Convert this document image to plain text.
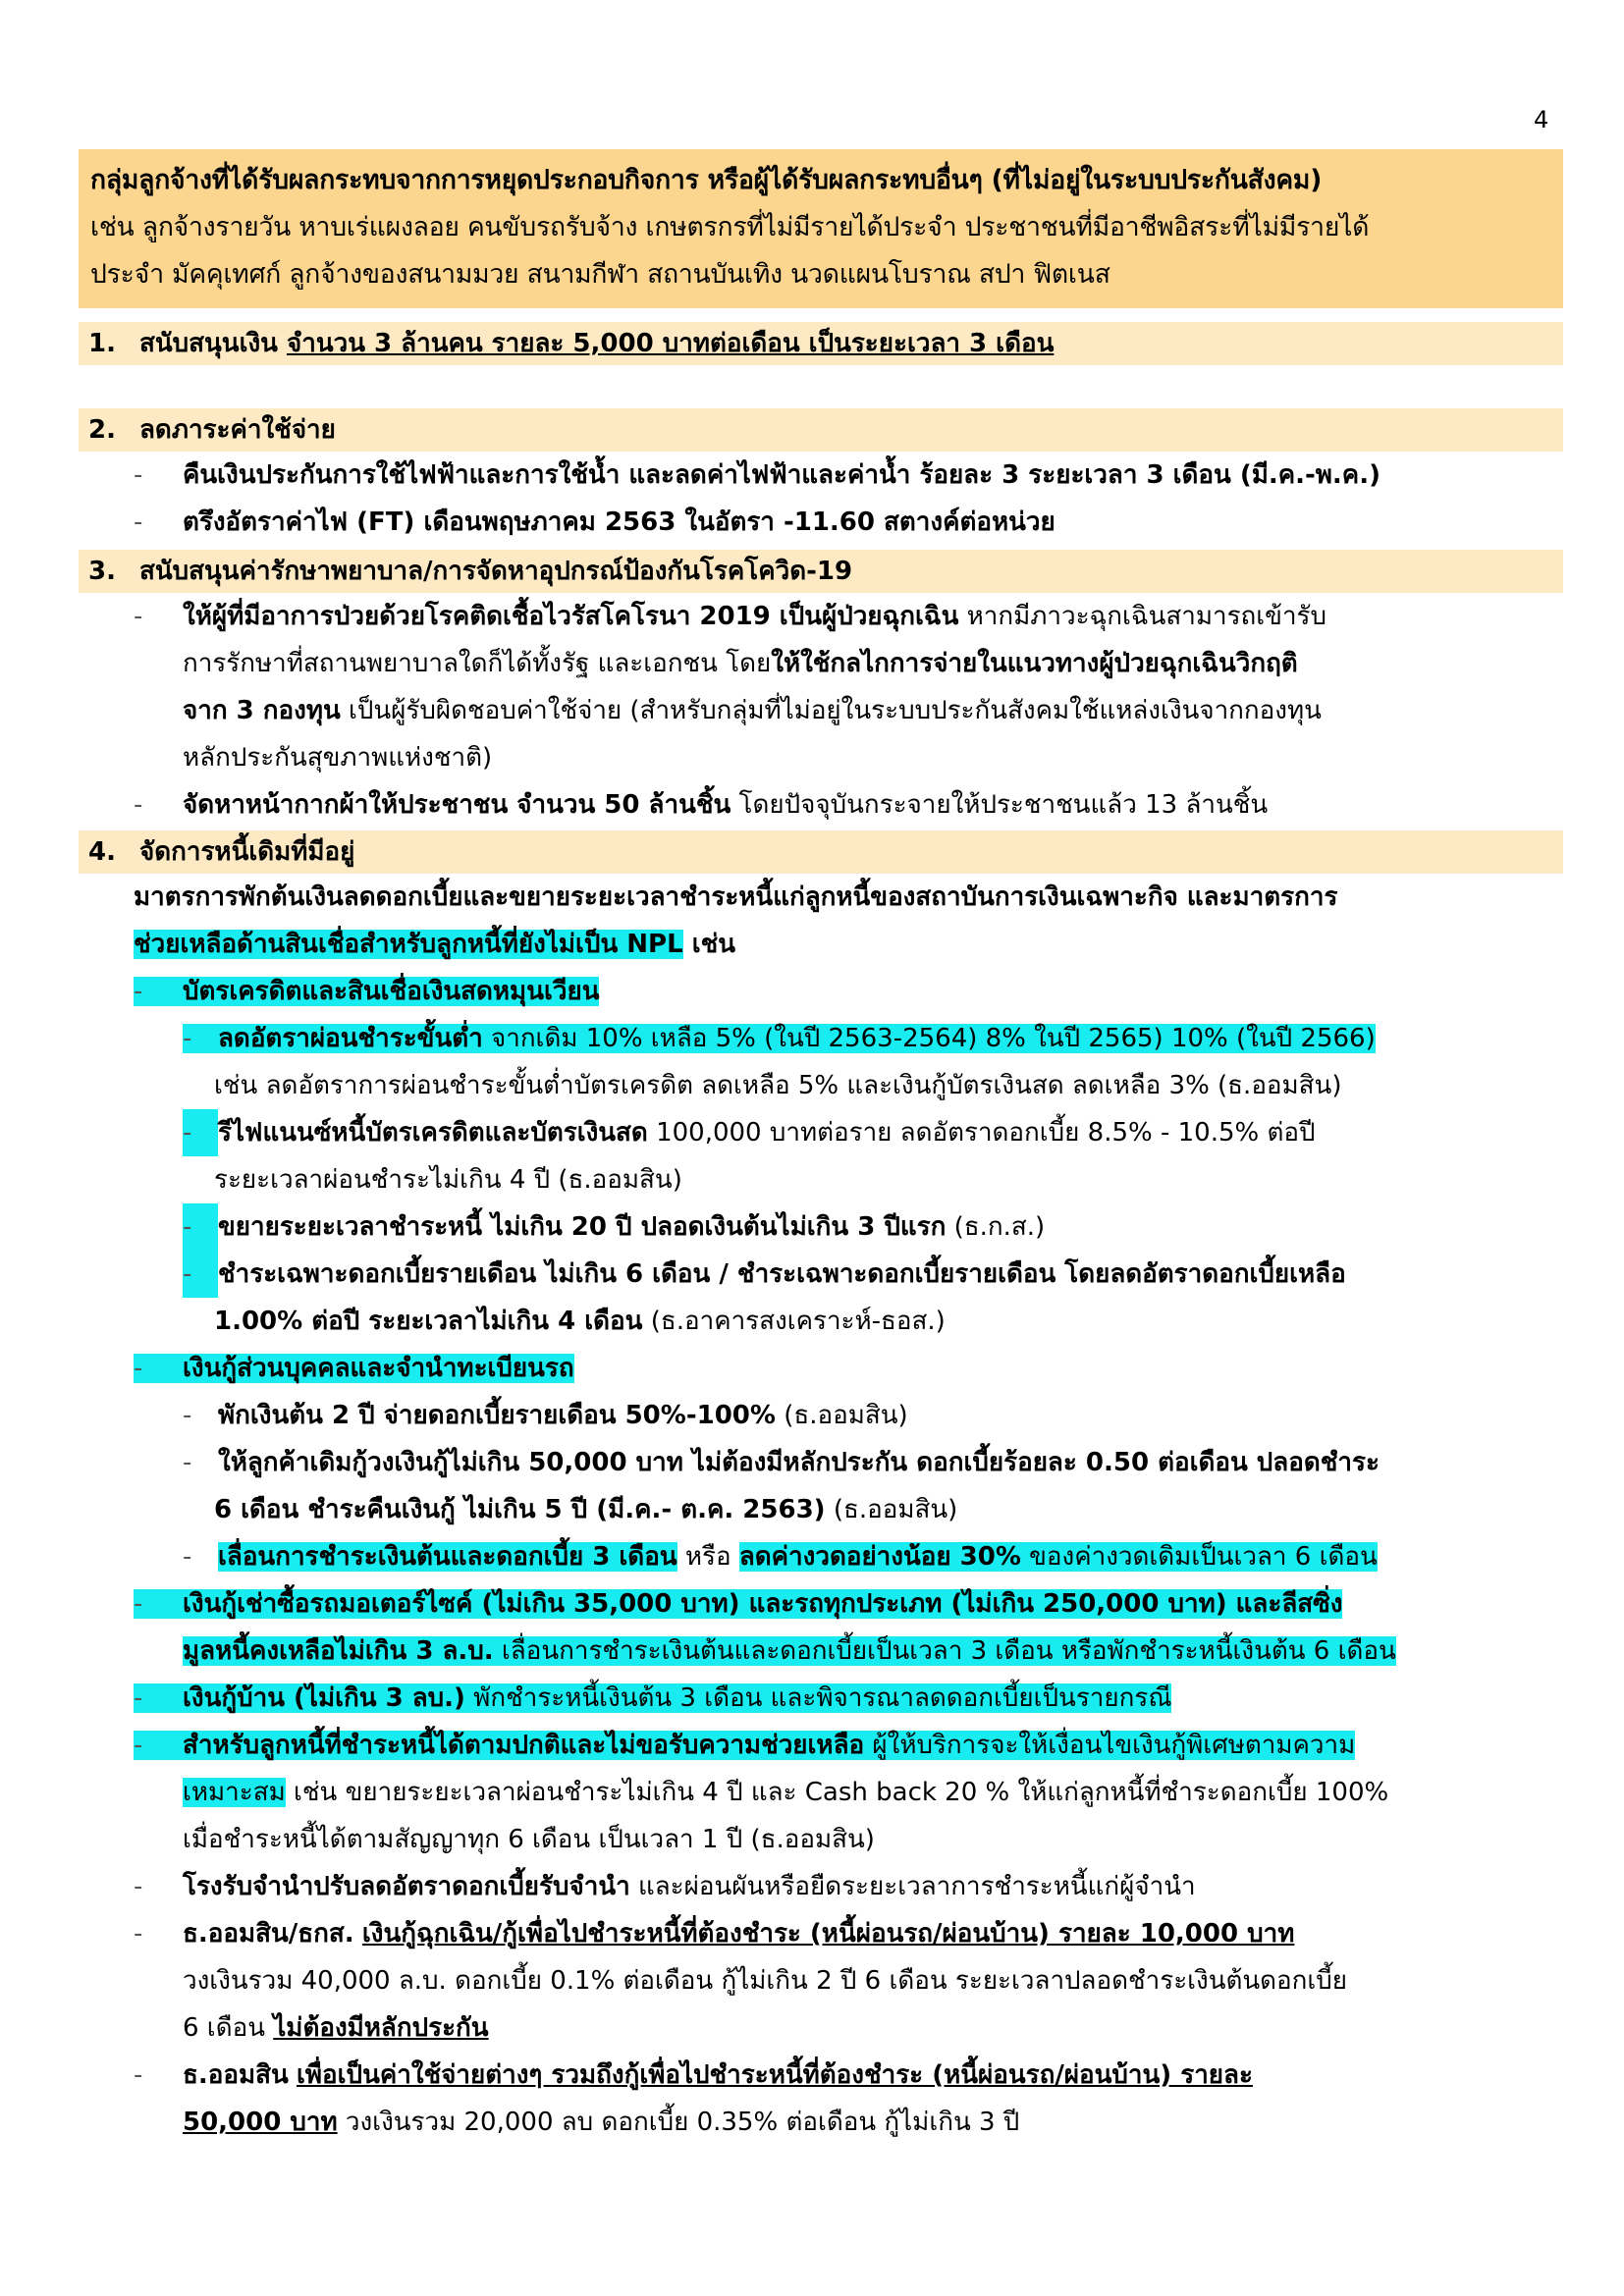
4
กลุ่มลูกจ้างที่ได้รับผลกระทบจากการหยุดประกอบกิจการ หรือผู้ได้รับผลกระทบอื่นๆ (ที่ไม่อยู่ในระบบประกันสังคม)
เช่น ลูกจ้างรายวัน หาบเร่แผงลอย คนขับรถรับจ้าง เกษตรกรที่ไม่มีรายได้ประจำ ประชาชนที่มีอาชีพอิสระที่ไม่มีรายได้
ประจำ มัคคุเทศก์ ลูกจ้างของสนามมวย สนามกีฬา สถานบันเทิง นวดแผนโบราณ สปา ฟิตเนส
1. สนับสนุนเงิน จำนวน 3 ล้านคน รายละ 5,000 บาทต่อเดือน เป็นระยะเวลา 3 เดือน
2. ลดภาระค่าใช้จ่าย
- คืนเงินประกันการใช้ไฟฟ้าและการใช้น้ำ และลดค่าไฟฟ้าและค่าน้ำ ร้อยละ 3 ระยะเวลา 3 เดือน (มี.ค.-พ.ค.)
- ตรึงอัตราค่าไฟ (FT) เดือนพฤษภาคม 2563 ในอัตรา -11.60 สตางค์ต่อหน่วย
3. สนับสนุนค่ารักษาพยาบาล/การจัดหาอุปกรณ์ป้องกันโรคโควิด-19
- ให้ผู้ที่มีอาการป่วยด้วยโรคติดเชื้อไวรัสโคโรนา 2019 เป็นผู้ป่วยฉุกเฉิน หากมีภาวะฉุกเฉินสามารถเข้ารับ
การรักษาที่สถานพยาบาลใดก็ได้ทั้งรัฐ และเอกชน โดยให้ใช้กลไกการจ่ายในแนวทางผู้ป่วยฉุกเฉินวิกฤติ
จาก 3 กองทุน เป็นผู้รับผิดชอบค่าใช้จ่าย (สำหรับกลุ่มที่ไม่อยู่ในระบบประกันสังคมใช้แหล่งเงินจากกองทุน
หลักประกันสุขภาพแห่งชาติ)
- จัดหาหน้ากากผ้าให้ประชาชน จำนวน 50 ล้านชิ้น โดยปัจจุบันกระจายให้ประชาชนแล้ว 13 ล้านชิ้น
4. จัดการหนี้เดิมที่มีอยู่
มาตรการพักต้นเงินลดดอกเบี้ยและขยายระยะเวลาชำระหนี้แก่ลูกหนี้ของสถาบันการเงินเฉพาะกิจ และมาตรการ
ช่วยเหลือด้านสินเชื่อสำหรับลูกหนี้ที่ยังไม่เป็น NPL เช่น
- บัตรเครดิตและสินเชื่อเงินสดหมุนเวียน
- ลดอัตราผ่อนชำระขั้นต่ำ จากเดิม 10% เหลือ 5% (ในปี 2563-2564) 8% ในปี 2565) 10% (ในปี 2566)
เช่น ลดอัตราการผ่อนชำระขั้นต่ำบัตรเครดิต ลดเหลือ 5% และเงินกู้บัตรเงินสด ลดเหลือ 3% (ธ.ออมสิน)
- รีไฟแนนซ์หนี้บัตรเครดิตและบัตรเงินสด 100,000 บาทต่อราย ลดอัตราดอกเบี้ย 8.5% - 10.5% ต่อปี
ระยะเวลาผ่อนชำระไม่เกิน 4 ปี (ธ.ออมสิน)
- ขยายระยะเวลาชำระหนี้ ไม่เกิน 20 ปี ปลอดเงินต้นไม่เกิน 3 ปีแรก (ธ.ก.ส.)
- ชำระเฉพาะดอกเบี้ยรายเดือน ไม่เกิน 6 เดือน / ชำระเฉพาะดอกเบี้ยรายเดือน โดยลดอัตราดอกเบี้ยเหลือ
1.00% ต่อปี ระยะเวลาไม่เกิน 4 เดือน (ธ.อาคารสงเคราะห์-ธอส.)
- เงินกู้ส่วนบุคคลและจำนำทะเบียนรถ
- พักเงินต้น 2 ปี จ่ายดอกเบี้ยรายเดือน 50%-100% (ธ.ออมสิน)
- ให้ลูกค้าเดิมกู้วงเงินกู้ไม่เกิน 50,000 บาท ไม่ต้องมีหลักประกัน ดอกเบี้ยร้อยละ 0.50 ต่อเดือน ปลอดชำระ
6 เดือน ชำระคืนเงินกู้ ไม่เกิน 5 ปี (มี.ค.- ต.ค. 2563) (ธ.ออมสิน)
- เลื่อนการชำระเงินต้นและดอกเบี้ย 3 เดือน หรือ ลดค่างวดอย่างน้อย 30% ของค่างวดเดิมเป็นเวลา 6 เดือน
- เงินกู้เช่าซื้อรถมอเตอร์ไซค์ (ไม่เกิน 35,000 บาท) และรถทุกประเภท (ไม่เกิน 250,000 บาท) และลีสซิ่ง
มูลหนี้คงเหลือไม่เกิน 3 ล.บ. เลื่อนการชำระเงินต้นและดอกเบี้ยเป็นเวลา 3 เดือน หรือพักชำระหนี้เงินต้น 6 เดือน
- เงินกู้บ้าน (ไม่เกิน 3 ลบ.) พักชำระหนี้เงินต้น 3 เดือน และพิจารณาลดดอกเบี้ยเป็นรายกรณี
- สำหรับลูกหนี้ที่ชำระหนี้ได้ตามปกติและไม่ขอรับความช่วยเหลือ ผู้ให้บริการจะให้เงื่อนไขเงินกู้พิเศษตามความ
เหมาะสม เช่น ขยายระยะเวลาผ่อนชำระไม่เกิน 4 ปี และ Cash back 20 % ให้แก่ลูกหนี้ที่ชำระดอกเบี้ย 100%
เมื่อชำระหนี้ได้ตามสัญญาทุก 6 เดือน เป็นเวลา 1 ปี (ธ.ออมสิน)
- โรงรับจำนำปรับลดอัตราดอกเบี้ยรับจำนำ และผ่อนผันหรือยืดระยะเวลาการชำระหนี้แก่ผู้จำนำ
- ธ.ออมสิน/ธกส. เงินกู้ฉุกเฉิน/กู้เพื่อไปชำระหนี้ที่ต้องชำระ (หนี้ผ่อนรถ/ผ่อนบ้าน) รายละ 10,000 บาท
วงเงินรวม 40,000 ล.บ. ดอกเบี้ย 0.1% ต่อเดือน กู้ไม่เกิน 2 ปี 6 เดือน ระยะเวลาปลอดชำระเงินต้นดอกเบี้ย
6 เดือน ไม่ต้องมีหลักประกัน
- ธ.ออมสิน เพื่อเป็นค่าใช้จ่ายต่างๆ รวมถึงกู้เพื่อไปชำระหนี้ที่ต้องชำระ (หนี้ผ่อนรถ/ผ่อนบ้าน) รายละ
50,000 บาท วงเงินรวม 20,000 ลบ ดอกเบี้ย 0.35% ต่อเดือน กู้ไม่เกิน 3 ปี
